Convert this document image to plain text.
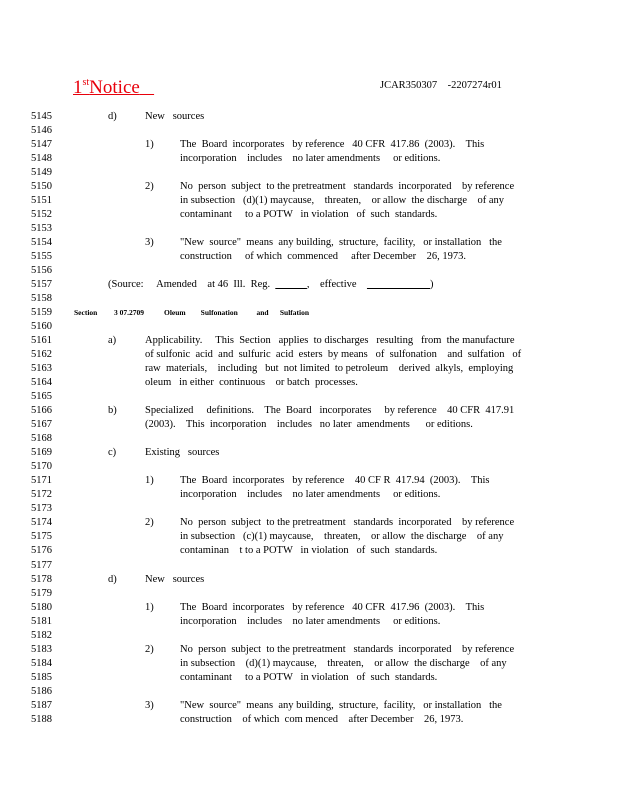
1stNotice	JCAR350307    -2207274r01
5145	d)	New   sources
5146
5147	1)	The  Board  incorporates   by reference   40 CFR  417.86  (2003).    This
5148	incorporation    includes    no later amendments     or editions.
5149
5150	2)	No  person  subject  to the pretreatment   standards  incorporated    by reference
5151	in subsection   (d)(1) maycause,    threaten,    or allow  the discharge    of any
5152	contaminant     to a POTW   in violation   of  such  standards.
5153
5154	3)	"New  source"  means  any building,  structure,  facility,   or installation   the
5155	construction     of which  commenced     after December    26, 1973.
5156
5157	(Source:     Amended    at 46  Ill.  Reg.  ______,    effective    ____________)
5158
5159	Section 3 07.2709	Oleum        Sulfonation          and      Sulfation
5160
5161	a)	Applicability.     This  Section   applies  to discharges   resulting   from  the manufacture
5162	of sulfonic  acid  and  sulfuric  acid  esters  by means   of  sulfonation    and  sulfation   of
5163	raw  materials,    including   but  not limited  to petroleum    derived  alkyls,  employing
5164	oleum   in either  continuous    or batch  processes.
5165
5166	b)	Specialized     definitions.    The  Board   incorporates     by reference    40 CFR  417.91
5167	(2003).    This  incorporation    includes   no later  amendments      or editions.
5168
5169	c)	Existing   sources
5170
5171	1)	The  Board  incorporates   by reference    40 CF R  417.94  (2003).    This
5172	incorporation    includes    no later amendments     or editions.
5173
5174	2)	No  person  subject  to the pretreatment   standards  incorporated    by reference
5175	in subsection   (c)(1) maycause,    threaten,    or allow  the discharge    of any
5176	contaminan    t to a POTW   in violation   of  such  standards.
5177
5178	d)	New   sources
5179
5180	1)	The  Board  incorporates   by reference   40 CFR  417.96  (2003).    This
5181	incorporation    includes    no later amendments     or editions.
5182
5183	2)	No  person  subject  to the pretreatment   standards  incorporated    by reference
5184	in subsection    (d)(1) maycause,    threaten,    or allow  the discharge    of any
5185	contaminant     to a POTW   in violation   of  such  standards.
5186
5187	3)	"New  source"  means  any building,  structure,  facility,   or installation   the
5188	construction    of which  com menced    after December    26, 1973.
